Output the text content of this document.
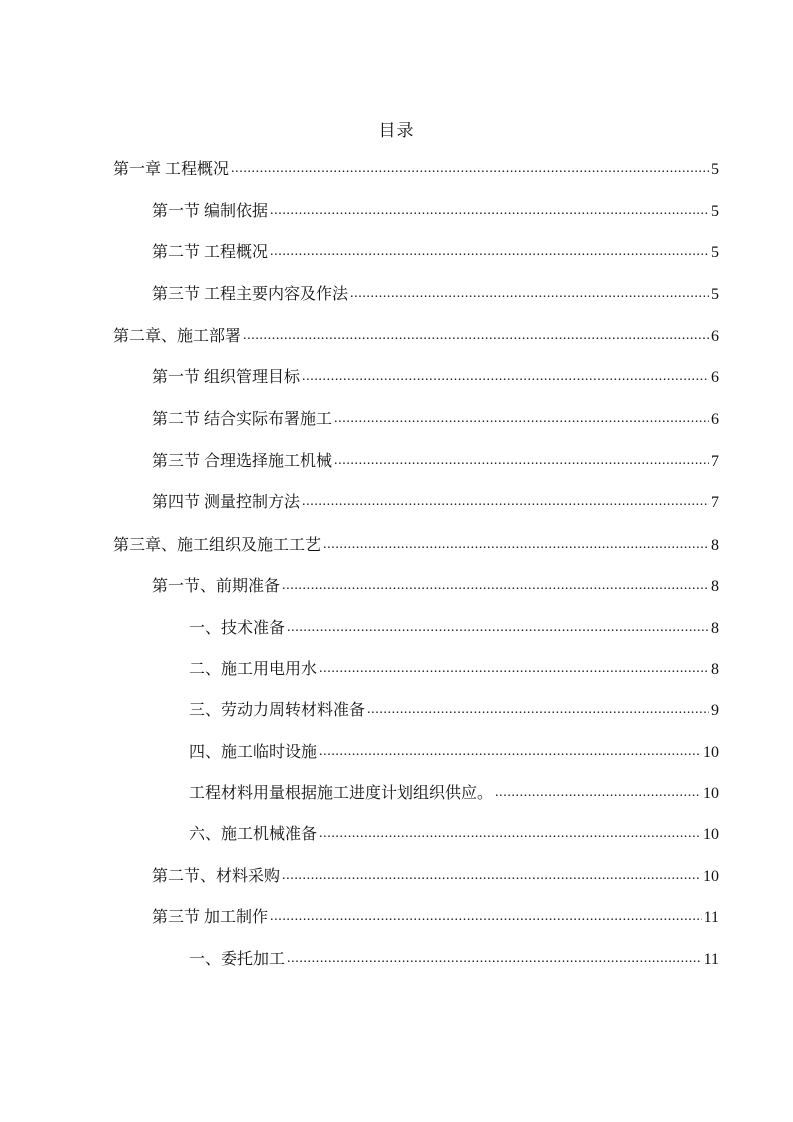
目录
第一章 工程概况 .....	5
第一节 编制依据 .....	5
第二节 工程概况 .....	5
第三节 工程主要内容及作法 .....	5
第二章、施工部署 .....	6
第一节 组织管理目标 .....	6
第二节 结合实际布署施工 .....	6
第三节 合理选择施工机械 .....	7
第四节 测量控制方法 .....	7
第三章、施工组织及施工工艺 .....	8
第一节、前期准备 .....	8
一、技术准备 .....	8
二、施工用电用水 .....	8
三、劳动力周转材料准备 .....	9
四、施工临时设施 .....	10
工程材料用量根据施工进度计划组织供应。 .....	10
六、施工机械准备 .....	10
第二节、材料采购 .....	10
第三节 加工制作 .....	11
一、委托加工 .....	11
